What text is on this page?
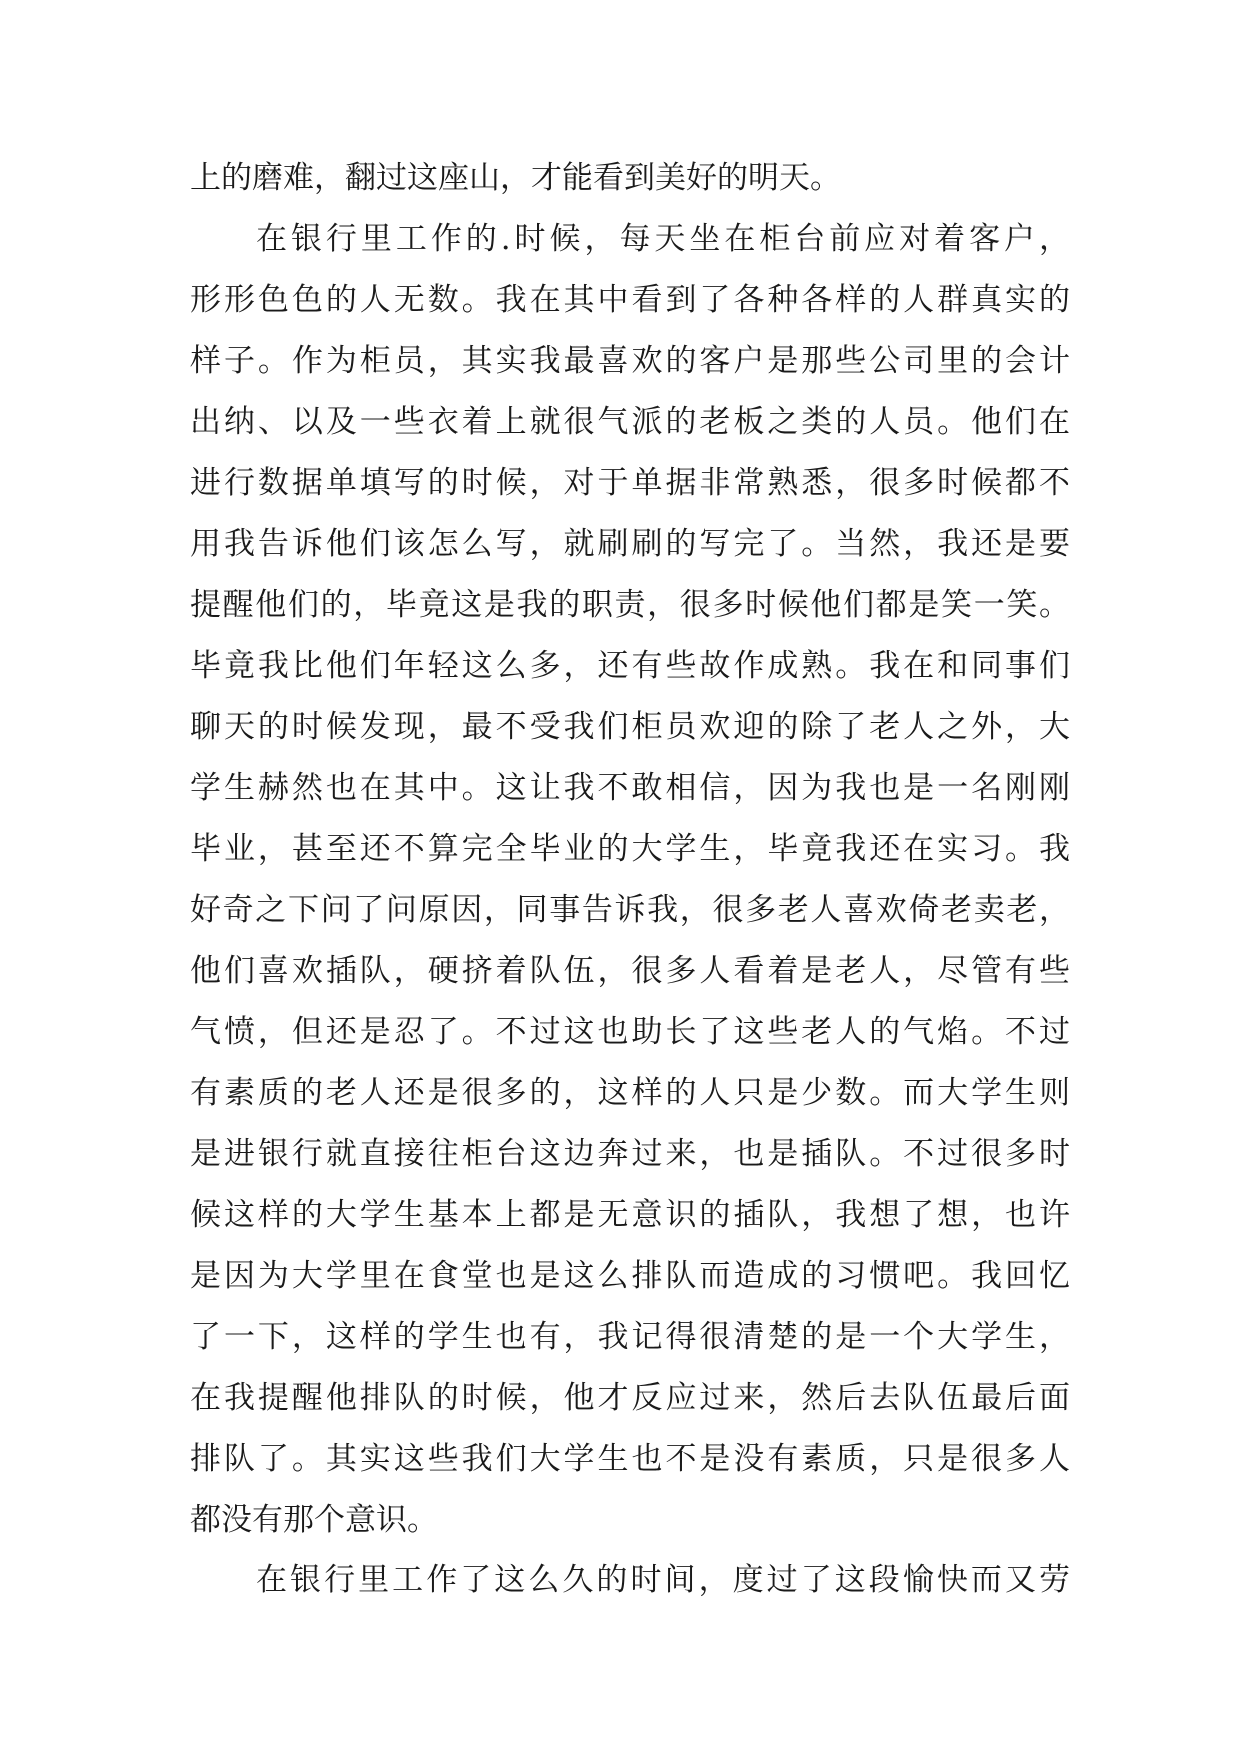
上的磨难，翻过这座山，才能看到美好的明天。
在银行里工作的.时候，每天坐在柜台前应对着客户，
形形色色的人无数。我在其中看到了各种各样的人群真实的
样子。作为柜员，其实我最喜欢的客户是那些公司里的会计
出纳、以及一些衣着上就很气派的老板之类的人员。他们在
进行数据单填写的时候，对于单据非常熟悉，很多时候都不
用我告诉他们该怎么写，就刷刷的写完了。当然，我还是要
提醒他们的，毕竟这是我的职责，很多时候他们都是笑一笑。
毕竟我比他们年轻这么多，还有些故作成熟。我在和同事们
聊天的时候发现，最不受我们柜员欢迎的除了老人之外，大
学生赫然也在其中。这让我不敢相信，因为我也是一名刚刚
毕业，甚至还不算完全毕业的大学生，毕竟我还在实习。我
好奇之下问了问原因，同事告诉我，很多老人喜欢倚老卖老，
他们喜欢插队，硬挤着队伍，很多人看着是老人，尽管有些
气愤，但还是忍了。不过这也助长了这些老人的气焰。不过
有素质的老人还是很多的，这样的人只是少数。而大学生则
是进银行就直接往柜台这边奔过来，也是插队。不过很多时
候这样的大学生基本上都是无意识的插队，我想了想，也许
是因为大学里在食堂也是这么排队而造成的习惯吧。我回忆
了一下，这样的学生也有，我记得很清楚的是一个大学生，
在我提醒他排队的时候，他才反应过来，然后去队伍最后面
排队了。其实这些我们大学生也不是没有素质，只是很多人
都没有那个意识。
在银行里工作了这么久的时间，度过了这段愉快而又劳
